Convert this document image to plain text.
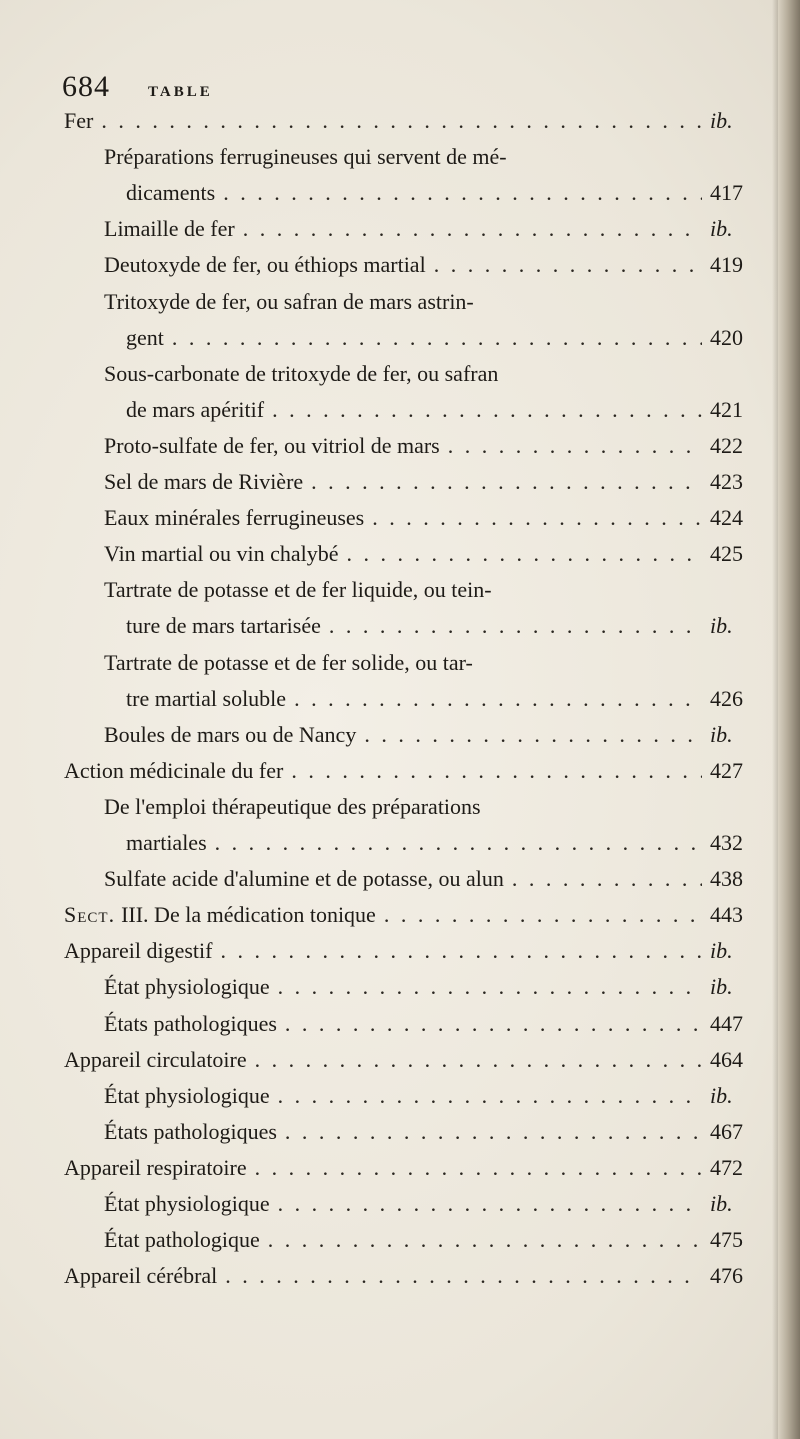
684	TABLE
Fer . . .	ib.
Préparations ferrugineuses qui servent de mé-
dicaments . . .	417
Limaille de fer . . .	ib.
Deutoxyde de fer, ou éthiops martial . . .	419
Tritoxyde de fer, ou safran de mars astrin-
gent . . .	420
Sous-carbonate de tritoxyde de fer, ou safran
de mars apéritif . . .	421
Proto-sulfate de fer, ou vitriol de mars . . .	422
Sel de mars de Rivière . . .	423
Eaux minérales ferrugineuses . . .	424
Vin martial ou vin chalybé . . .	425
Tartrate de potasse et de fer liquide, ou tein-
ture de mars tartarisée . . .	ib.
Tartrate de potasse et de fer solide, ou tar-
tre martial soluble . . .	426
Boules de mars ou de Nancy . . .	ib.
Action médicinale du fer . . .	427
De l'emploi thérapeutique des préparations
martiales . . .	432
Sulfate acide d'alumine et de potasse, ou alun . . .	438
Sect. III. De la médication tonique . . .	443
Appareil digestif . . .	ib.
État physiologique . . .	ib.
États pathologiques . . .	447
Appareil circulatoire . . .	464
État physiologique . . .	ib.
États pathologiques . . .	467
Appareil respiratoire . . .	472
État physiologique . . .	ib.
État pathologique . . .	475
Appareil cérébral . . .	476
